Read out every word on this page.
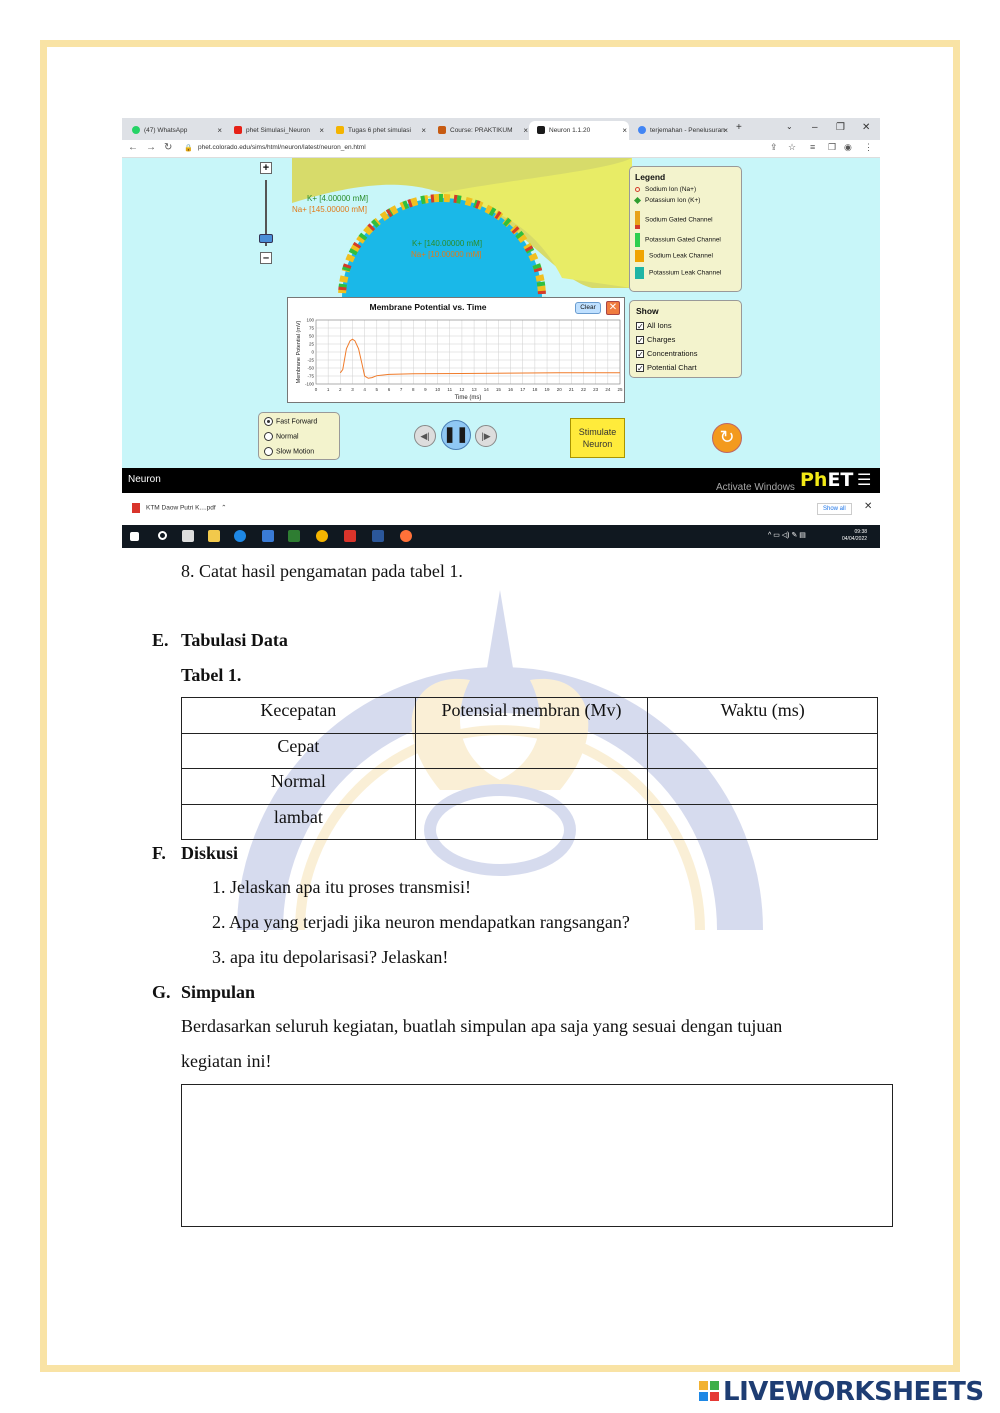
(47) WhatsApp	×	phet Simulasi_Neuron ×	Tugas 6 phet simulasi ×	Course: PRAKTIKUM ×	Neuron 1.1.20	×	terjemahan - Penelusuran
× +	⌄ – ❐ ✕
← → ↻ 🔒 phet.colorado.edu/sims/html/neuron/latest/neuron_en.html	⇪ ☆ ≡ ❒ ◉ ⋮
+
–
K+ [4.00000 mM]
Na+ [145.00000 mM]
K+ [140.00000 mM]
Na+ [10.00000 mM]
Legend
Sodium Ion (Na+)
Potassium Ion (K+)
Sodium Gated Channel
Potassium Gated Channel
Sodium Leak Channel
Potassium Leak Channel
Show
✓ All Ions
✓ Charges
✓ Concentrations
✓ Potential Chart
Membrane Potential vs. Time	Clear	✕
0 1 2 3 4 5 6 7 8 9 10 11 12 13 14 15 16 17 18 19 20 21 22 23 24 25
100
75
50
25
0
-25
-50
-75
-100
Time (ms)
Membrane Potential (mV)
Fast Forward
Normal
Slow Motion
◀| ❚❚	|▶	Stimulate
Neuron	↻
Neuron	PhET ☰
Activate Windows
KTM Daow Putri K....pdf   ⌃	Show all	✕
^ ▭ ◁) ✎ ▤	09:38
04/04/2022
8. Catat hasil pengamatan pada tabel 1.
E. Tabulasi Data
Tabel 1.
Kecepatan	Potensial membran (Mv)	Waktu (ms)
Cepat		
Normal		
lambat		
F. Diskusi
1. Jelaskan apa itu proses transmisi!
2. Apa yang terjadi jika neuron mendapatkan rangsangan?
3. apa itu depolarisasi? Jelaskan!
G. Simpulan
Berdasarkan seluruh kegiatan, buatlah simpulan apa saja yang sesuai dengan tujuan
kegiatan ini!
LIVEWORKSHEETS
